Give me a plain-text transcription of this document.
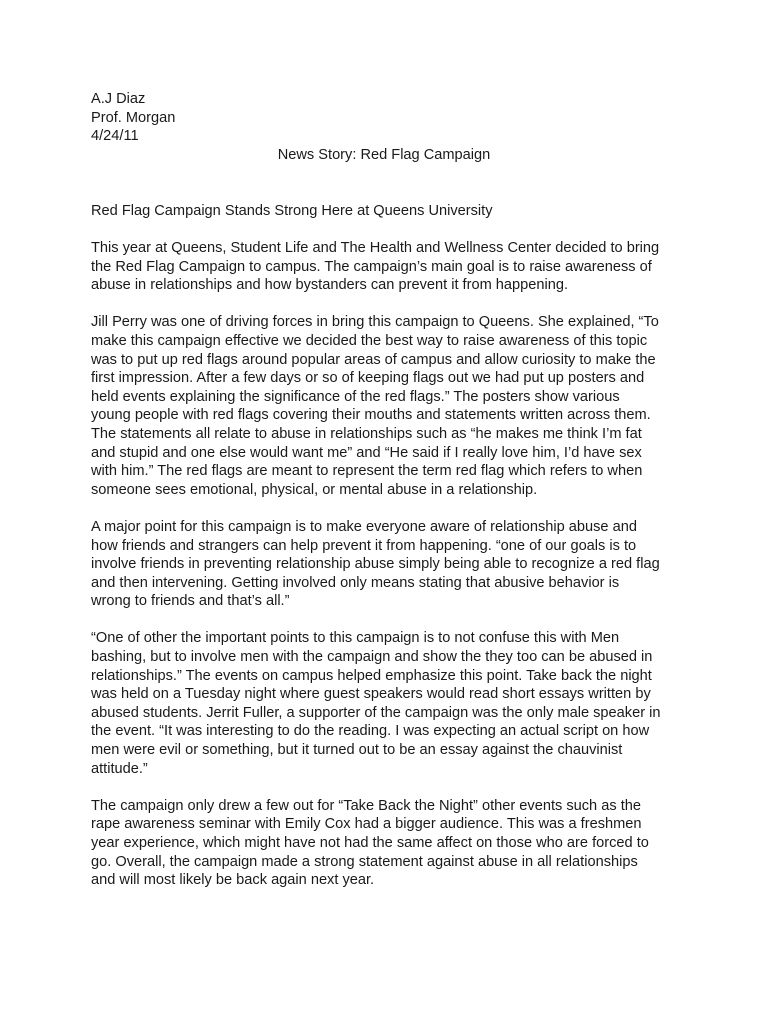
A.J Diaz
Prof. Morgan
4/24/11
News Story: Red Flag Campaign
Red Flag Campaign Stands Strong Here at Queens University

This year at Queens, Student Life and The Health and Wellness Center decided to bring
the Red Flag Campaign to campus. The campaign’s main goal is to raise awareness of
abuse in relationships and how bystanders can prevent it from happening.

Jill Perry was one of driving forces in bring this campaign to Queens. She explained, “To
make this campaign effective we decided the best way to raise awareness of this topic
was to put up red flags around popular areas of campus and allow curiosity to make the
first impression. After a few days or so of keeping flags out we had put up posters and
held events explaining the significance of the red flags.” The posters show various
young people with red flags covering their mouths and statements written across them.
The statements all relate to abuse in relationships such as “he makes me think I’m fat
and stupid and one else would want me” and “He said if I really love him, I’d have sex
with him.” The red flags are meant to represent the term red flag which refers to when
someone sees emotional, physical, or mental abuse in a relationship.

A major point for this campaign is to make everyone aware of relationship abuse and
how friends and strangers can help prevent it from happening. “one of our goals is to
involve friends in preventing relationship abuse simply being able to recognize a red flag
and then intervening. Getting involved only means stating that abusive behavior is
wrong to friends and that’s all.”

“One of other the important points to this campaign is to not confuse this with Men
bashing, but to involve men with the campaign and show the they too can be abused in
relationships.” The events on campus helped emphasize this point. Take back the night
was held on a Tuesday night where guest speakers would read short essays written by
abused students. Jerrit Fuller, a supporter of the campaign was the only male speaker in
the event. “It was interesting to do the reading. I was expecting an actual script on how
men were evil or something, but it turned out to be an essay against the chauvinist
attitude.”

The campaign only drew a few out for “Take Back the Night” other events such as the
rape awareness seminar with Emily Cox had a bigger audience. This was a freshmen
year experience, which might have not had the same affect on those who are forced to
go. Overall, the campaign made a strong statement against abuse in all relationships
and will most likely be back again next year.
